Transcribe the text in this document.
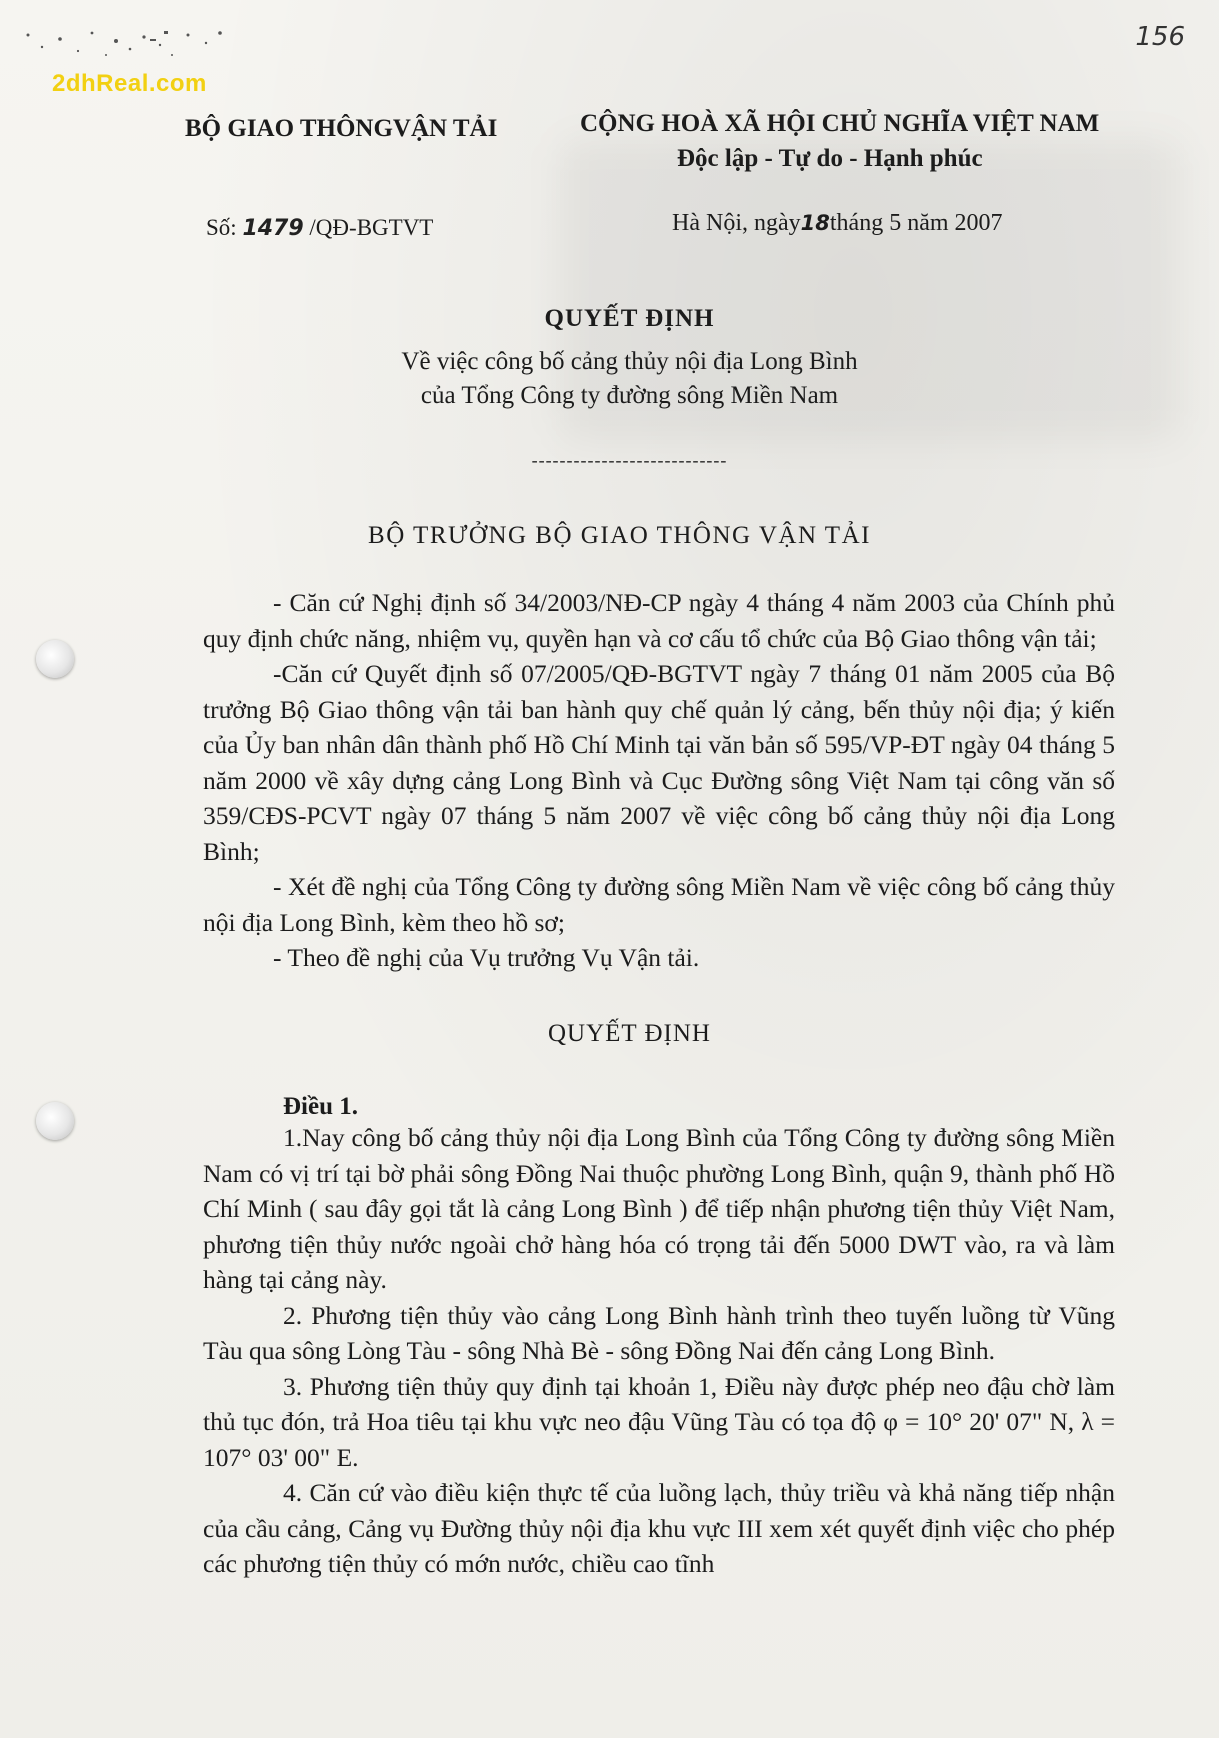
2dhReal.com
156
BỘ GIAO THÔNGVẬN TẢI	CỘNG HOÀ XÃ HỘI CHỦ NGHĨA VIỆT NAM
Độc lập - Tự do - Hạnh phúc
Số: 1479 /QĐ-BGTVT	Hà Nội, ngày18tháng 5 năm 2007
QUYẾT ĐỊNH
Về việc công bố cảng thủy nội địa Long Bình
của Tổng Công ty đường sông Miền Nam
----------------------------
BỘ TRƯỞNG BỘ GIAO THÔNG VẬN TẢI

- Căn cứ Nghị định số 34/2003/NĐ-CP ngày 4 tháng 4 năm 2003 của Chính phủ quy định chức năng, nhiệm vụ, quyền hạn và cơ cấu tổ chức của Bộ Giao thông vận tải;

-Căn cứ Quyết định số 07/2005/QĐ-BGTVT ngày 7 tháng 01 năm 2005 của Bộ trưởng Bộ Giao thông vận tải ban hành quy chế quản lý cảng, bến thủy nội địa; ý kiến của Ủy ban nhân dân thành phố Hồ Chí Minh tại văn bản số 595/VP-ĐT ngày 04 tháng 5 năm 2000 về xây dựng cảng Long Bình và Cục Đường sông Việt Nam tại công văn số 359/CĐS-PCVT ngày 07 tháng 5 năm 2007 về việc công bố cảng thủy nội địa Long Bình;

- Xét đề nghị của Tổng Công ty đường sông Miền Nam về việc công bố cảng thủy nội địa Long Bình, kèm theo hồ sơ;

- Theo đề nghị của Vụ trưởng Vụ Vận tải.

QUYẾT ĐỊNH
Điều 1.

1.Nay công bố cảng thủy nội địa Long Bình của Tổng Công ty đường sông Miền Nam có vị trí tại bờ phải sông Đồng Nai thuộc phường Long Bình, quận 9, thành phố Hồ Chí Minh ( sau đây gọi tắt là cảng Long Bình ) để tiếp nhận phương tiện thủy Việt Nam, phương tiện thủy nước ngoài chở hàng hóa có trọng tải đến 5000 DWT vào, ra và làm hàng tại cảng này.

2. Phương tiện thủy vào cảng Long Bình hành trình theo tuyến luồng từ Vũng Tàu qua sông Lòng Tàu - sông Nhà Bè - sông Đồng Nai đến cảng Long Bình.

3. Phương tiện thủy quy định tại khoản 1, Điều này được phép neo đậu chờ làm thủ tục đón, trả Hoa tiêu tại khu vực neo đậu Vũng Tàu có tọa độ φ = 10° 20' 07" N, λ = 107° 03' 00" E.

4. Căn cứ vào điều kiện thực tế của luồng lạch, thủy triều và khả năng tiếp nhận của cầu cảng, Cảng vụ Đường thủy nội địa khu vực III xem xét quyết định việc cho phép các phương tiện thủy có mớn nước, chiều cao tĩnh
